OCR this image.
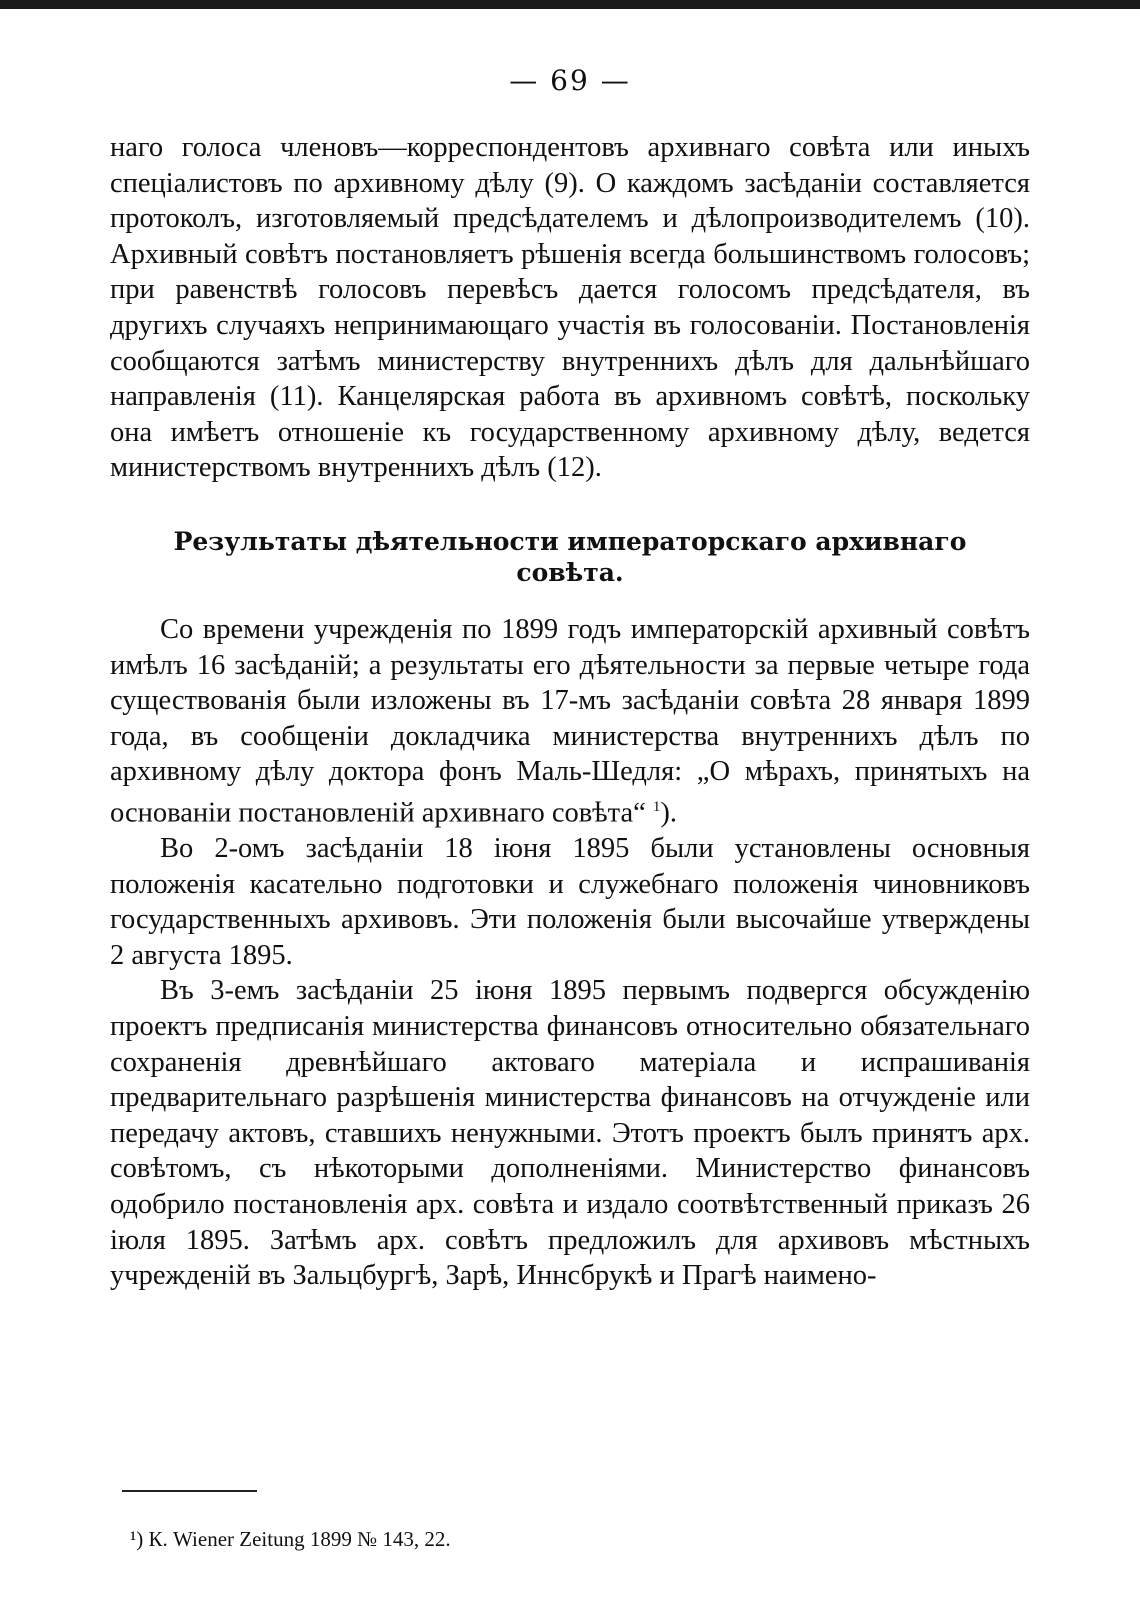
— 69 —

наго голоса членовъ—корреспондентовъ архивнаго совѣта или иныхъ спеціалистовъ по архивному дѣлу (9). О каждомъ засѣданіи составляется протоколъ, изготовляемый предсѣдателемъ и дѣлопроизводителемъ (10). Архивный совѣтъ постановляетъ рѣшенія всегда большинствомъ голосовъ; при равенствѣ голосовъ перевѣсъ дается голосомъ предсѣдателя, въ другихъ случаяхъ непринимающаго участія въ голосованіи. Постановленія сообщаются затѣмъ министерству внутреннихъ дѣлъ для дальнѣйшаго направленія (11). Канцелярская работа въ архивномъ совѣтѣ, поскольку она имѣетъ отношеніе къ государственному архивному дѣлу, ведется министерствомъ внутреннихъ дѣлъ (12).

Результаты дѣятельности императорскаго архивнаго совѣта.

Со времени учрежденія по 1899 годъ императорскій архивный совѣтъ имѣлъ 16 засѣданій; а результаты его дѣятельности за первые четыре года существованія были изложены въ 17-мъ засѣданіи совѣта 28 января 1899 года, въ сообщеніи докладчика министерства внутреннихъ дѣлъ по архивному дѣлу доктора фонъ Маль-Шедля: „О мѣрахъ, принятыхъ на основаніи постановленій архивнаго совѣта“ $^1$).

Во 2-омъ засѣданіи 18 іюня 1895 были установлены основныя положенія касательно подготовки и служебнаго положенія чиновниковъ государственныхъ архивовъ. Эти положенія были высочайше утверждены 2 августа 1895.

Въ 3-емъ засѣданіи 25 іюня 1895 первымъ подвергся обсужденію проектъ предписанія министерства финансовъ относительно обязательнаго сохраненія древнѣйшаго актоваго матеріала и испрашиванія предварительнаго разрѣшенія министерства финансовъ на отчужденіе или передачу актовъ, ставшихъ ненужными. Этотъ проектъ былъ принятъ арх. совѣтомъ, съ нѣкоторыми дополненіями. Министерство финансовъ одобрило постановленія арх. совѣта и издало соотвѣтственный приказъ 26 іюля 1895. Затѣмъ арх. совѣтъ предложилъ для архивовъ мѣстныхъ учрежденій въ Зальцбургѣ, Зарѣ, Иннсбрукѣ и Прагѣ наимено-

¹) К. Wiener Zeitung 1899 № 143, 22.
